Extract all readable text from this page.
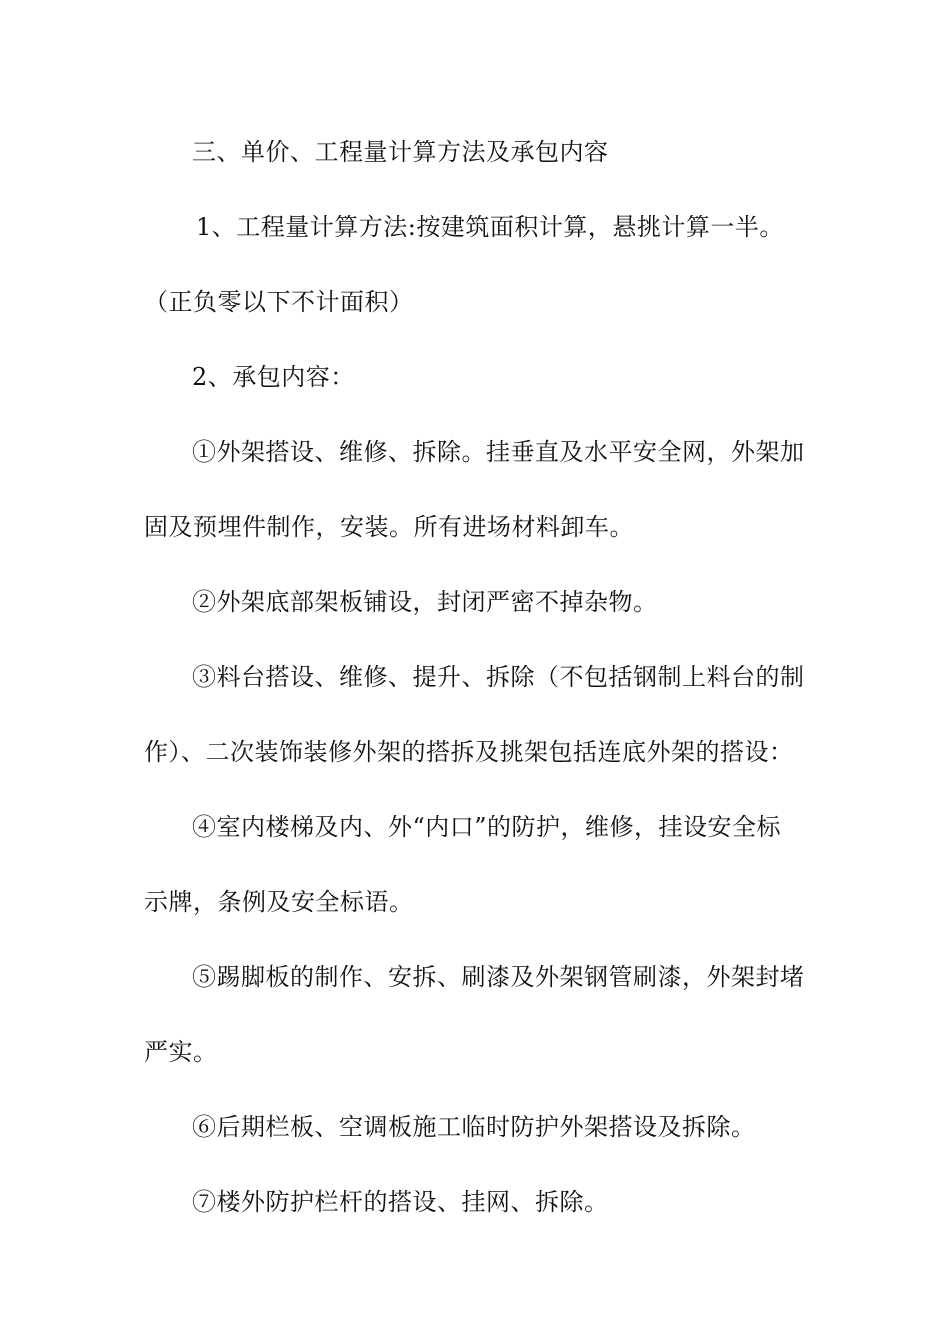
三、单价、工程量计算方法及承包内容
1、工程量计算方法:按建筑面积计算，悬挑计算一半。
（正负零以下不计面积）
2、承包内容：
①外架搭设、维修、拆除。挂垂直及水平安全网，外架加
固及预埋件制作，安装。所有进场材料卸车。
②外架底部架板铺设，封闭严密不掉杂物。
③料台搭设、维修、提升、拆除（不包括钢制上料台的制
作）、二次装饰装修外架的搭拆及挑架包括连底外架的搭设：
④室内楼梯及内、外“内口”的防护，维修，挂设安全标
示牌，条例及安全标语。
⑤踢脚板的制作、安拆、刷漆及外架钢管刷漆，外架封堵
严实。
⑥后期栏板、空调板施工临时防护外架搭设及拆除。
⑦楼外防护栏杆的搭设、挂网、拆除。
